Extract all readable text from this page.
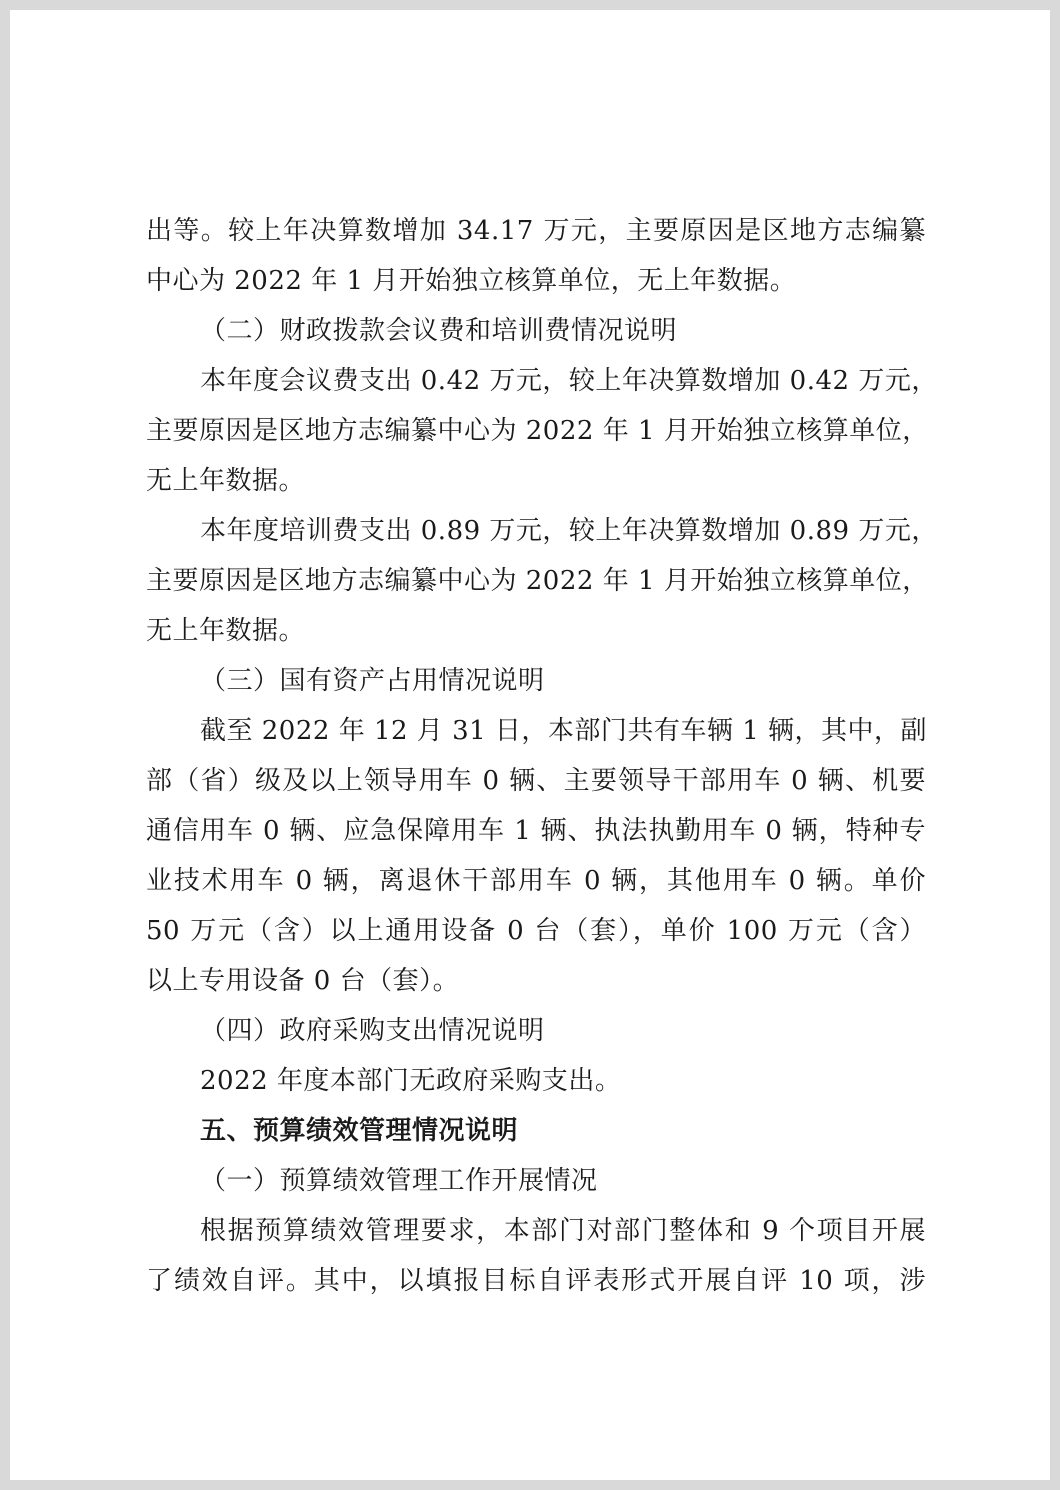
出等。较上年决算数增加 34.17 万元，主要原因是区地方志编纂
中心为 2022 年 1 月开始独立核算单位，无上年数据。
（二）财政拨款会议费和培训费情况说明
本年度会议费支出 0.42 万元，较上年决算数增加 0.42 万元，
主要原因是区地方志编纂中心为 2022 年 1 月开始独立核算单位，
无上年数据。
本年度培训费支出 0.89 万元，较上年决算数增加 0.89 万元，
主要原因是区地方志编纂中心为 2022 年 1 月开始独立核算单位，
无上年数据。
（三）国有资产占用情况说明
截至 2022 年 12 月 31 日，本部门共有车辆 1 辆，其中，副
部（省）级及以上领导用车 0 辆、主要领导干部用车 0 辆、机要
通信用车 0 辆、应急保障用车 1 辆、执法执勤用车 0 辆，特种专
业技术用车 0 辆，离退休干部用车 0 辆，其他用车 0 辆。单价
50 万元（含）以上通用设备 0 台（套），单价 100 万元（含）
以上专用设备 0 台（套）。
（四）政府采购支出情况说明
2022 年度本部门无政府采购支出。
五、预算绩效管理情况说明
（一）预算绩效管理工作开展情况
根据预算绩效管理要求，本部门对部门整体和 9 个项目开展
了绩效自评。其中，以填报目标自评表形式开展自评 10 项，涉
